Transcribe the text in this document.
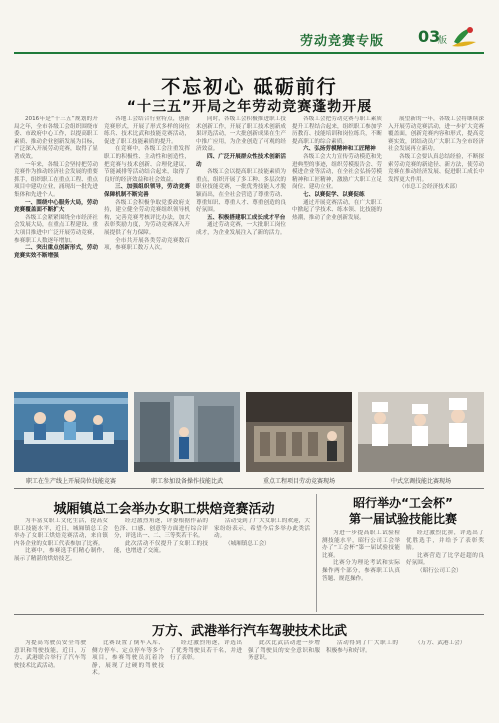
劳动竞赛专版 03
版
不忘初心 砥砺前行
“十三五”开局之年劳动竞赛蓬勃开展

2016年是“十三五”规划的开局之年，全市各级工会组织围绕市委、市政府中心工作，以提高职工素质、推动企业创新发展为目标，广泛深入开展劳动竞赛，取得了显著成效。

一年来，各级工会坚持把劳动竞赛作为推动经济社会发展的重要抓手，组织职工在重点工程、重点项目中建功立业，涌现出一批先进集体和先进个人。

一、围绕中心服务大局，劳动竞赛覆盖面不断扩大

各级工会紧紧围绕全市经济社会发展大局，在重点工程建设、重大项目推进中广泛开展劳动竞赛，参赛职工人数逐年增加。

二、突出重点创新形式，劳动竞赛实效不断增强

各地工会结合行业特点，创新竞赛形式，开展了形式多样的岗位练兵、技术比武和技能竞赛活动，促进了职工技能素质的提升。

在竞赛中，各级工会注重发挥职工的积极性、主动性和创造性，把竞赛与技术创新、合理化建议、节能减排等活动结合起来，取得了良好的经济效益和社会效益。

三、加强组织领导，劳动竞赛保障机制不断完善

各级工会积极争取党委政府支持，建立健全劳动竞赛组织领导机构，完善竞赛考核评比办法，加大表彰奖励力度，为劳动竞赛深入开展提供了有力保障。

全市共开展各类劳动竞赛数百项，参赛职工数万人次。

同时，各级工会积极推进职工技术创新工作，开展了职工技术创新成果评选活动，一大批创新成果在生产中推广应用，为企业创造了可观的经济效益。

四、广泛开展群众性技术创新活动

各级工会以提高职工技能素质为重点，组织开展了多工种、多层次的职业技能竞赛，一批优秀技能人才脱颖而出，在全社会营造了尊重劳动、尊重知识、尊重人才、尊重创造的良好氛围。

五、积极搭建职工成长成才平台

通过劳动竞赛，一大批职工岗位成才，为企业发展注入了新的活力。

各级工会把劳动竞赛与职工素质提升工程结合起来，组织职工参加学历教育、技能培训和岗位练兵，不断提高职工的综合素质。

六、弘扬劳模精神和工匠精神

各级工会大力宣传劳动模范和先进典型的事迹，组织劳模报告会、劳模进企业等活动，在全社会弘扬劳模精神和工匠精神，激励广大职工立足岗位、建功立业。

七、以赛促学、以赛促练

通过开展竞赛活动，在广大职工中掀起了学技术、练本领、比技能的热潮，推动了企业创新发展。

展望新的一年，各级工会将继续深入开展劳动竞赛活动，进一步扩大竞赛覆盖面，创新竞赛内容和形式，提高竞赛实效，团结动员广大职工为全市经济社会发展再立新功。

各级工会要认真总结经验，不断探索劳动竞赛的新途径、新方法，使劳动竞赛在推动经济发展、促进职工成长中发挥更大作用。

（市总工会经济技术部）

职工在生产线上开展岗位技能竞赛	职工参加设备操作技能比武	重点工程项目劳动竞赛现场	中式烹调技能比赛现场
城厢镇总工会举办女职工烘焙竞赛活动

为丰富女职工文化生活，提高女职工技能水平，近日，城厢镇总工会举办了女职工烘焙竞赛活动，来自镇内各企业的女职工代表参加了比赛。

比赛中，参赛选手们精心制作，展示了精湛的烘焙技艺。

经过激烈角逐，评委根据作品的色泽、口感、创意等方面进行综合评分，评选出一、二、三等奖若干名。

此次活动不仅提升了女职工的技能，也增进了交流。

活动受到了广大女职工的欢迎，大家纷纷表示，希望今后多举办此类活动。

（城厢镇总工会）

昭行举办“工会杯”
第一届试验技能比赛

为进一步提高职工试验检测技能水平，昭行公司工会举办了“工会杯”第一届试验技能比赛。

比赛分为理论考试和实际操作两个部分，参赛职工认真答题、规范操作。

经过激烈比拼，评选出了优胜选手，并给予了表彰奖励。

比赛营造了比学赶超的良好氛围。

（昭行公司工会）

万方、武港举行汽车驾驶技术比武

为提高驾驶员安全驾驶意识和驾驶技能，近日，万方、武港联合举行了汽车驾驶技术比武活动。

比赛设置了倒车入库、侧方停车、定点停车等多个项目，参赛驾驶员沉着冷静，展现了过硬的驾驶技术。

经过激烈角逐，评选出了优秀驾驶员若干名，并进行了表彰。

此次比武活动进一步增强了驾驶员的安全意识和服务意识。

活动得到了广大职工的积极参与和好评。

（万方、武港工会）
